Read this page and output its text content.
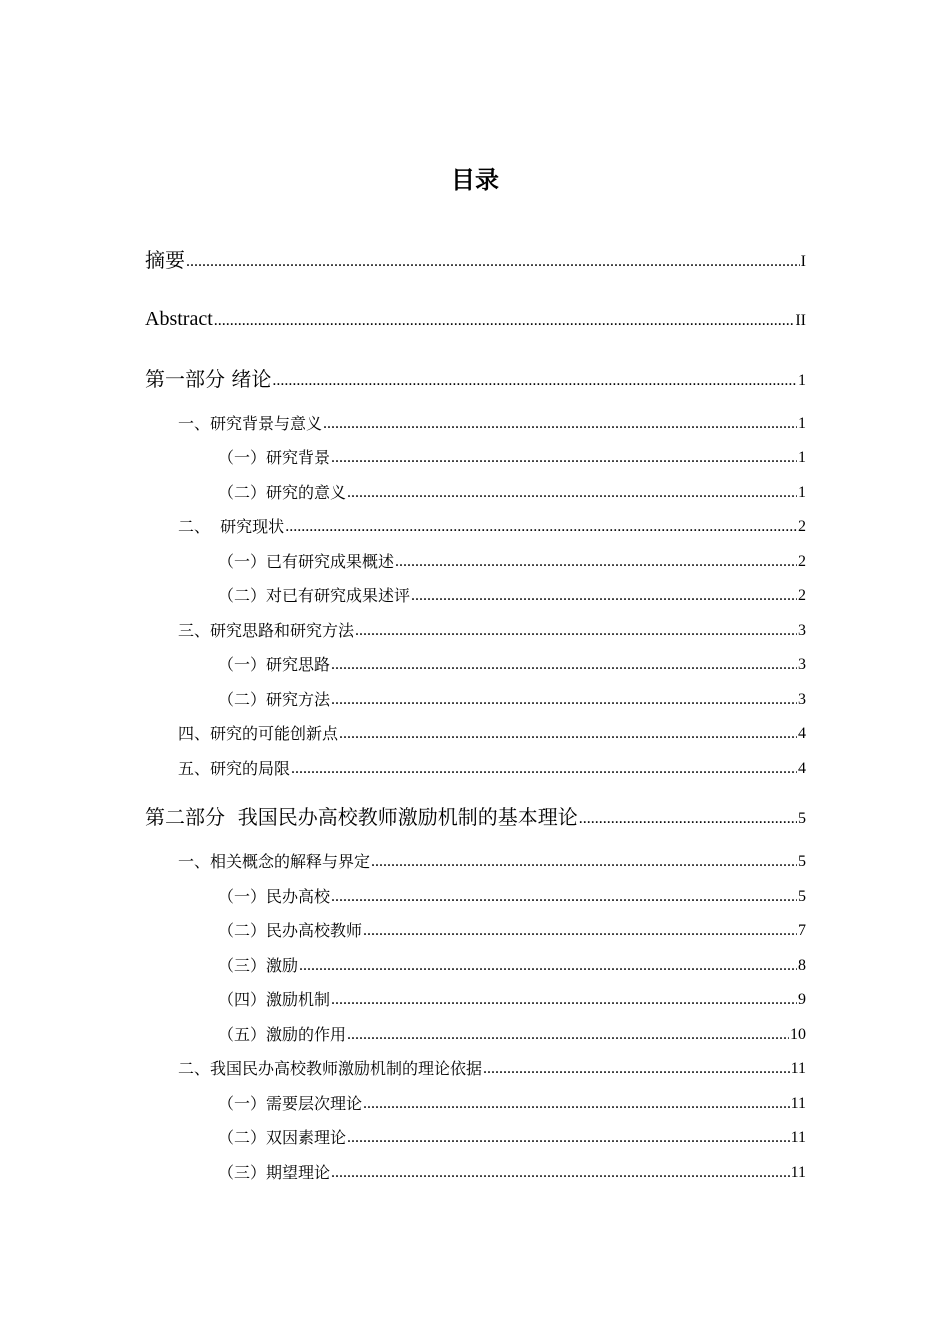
目录
摘要 .....	I
Abstract .....	II
第一部分 绪论 .....	1
一、研究背景与意义 .....	1
（一）研究背景 .....	1
（二）研究的意义 .....	1
二、  研究现状 .....	2
（一）已有研究成果概述 .....	2
（二）对已有研究成果述评 .....	2
三、研究思路和研究方法 .....	3
（一）研究思路 .....	3
（二）研究方法 .....	3
四、研究的可能创新点 .....	4
五、研究的局限 .....	4
第二部分  我国民办高校教师激励机制的基本理论 .....	5
一、相关概念的解释与界定 .....	5
（一）民办高校 .....	5
（二）民办高校教师 .....	7
（三）激励 .....	8
（四）激励机制 .....	9
（五）激励的作用 .....	10
二、我国民办高校教师激励机制的理论依据 .....	11
（一）需要层次理论 .....	11
（二）双因素理论 .....	11
（三）期望理论 .....	11
